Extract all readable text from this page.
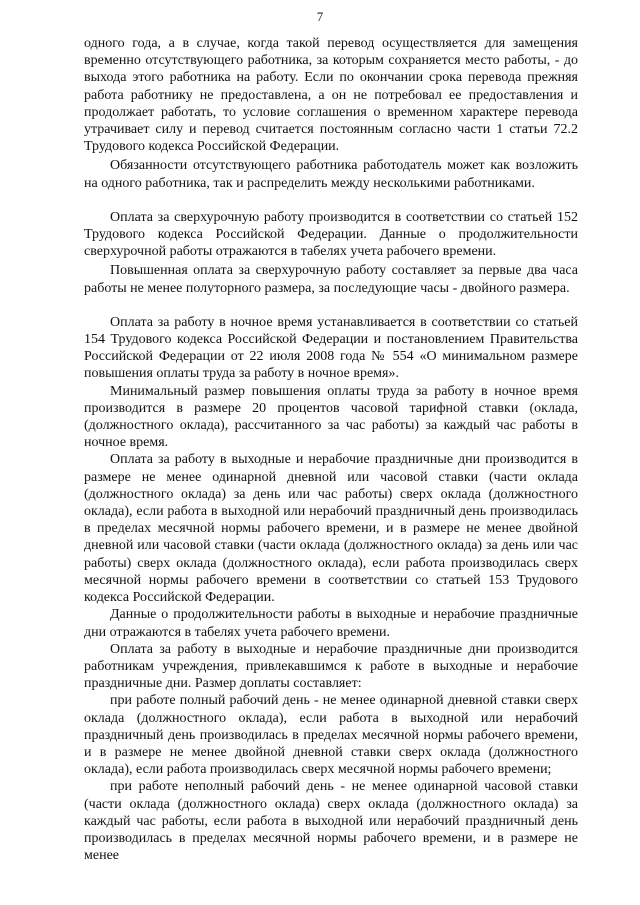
7

одного года, а в случае, когда такой перевод осуществляется для замещения временно отсутствующего работника, за которым сохраняется место работы, - до выхода этого работника на работу. Если по окончании срока перевода прежняя работа работнику не предоставлена, а он не потребовал ее предоставления и продолжает работать, то условие соглашения о временном характере перевода утрачивает силу и перевод считается постоянным согласно части 1 статьи 72.2 Трудового кодекса Российской Федерации.

Обязанности отсутствующего работника работодатель может как возложить на одного работника, так и распределить между несколькими работниками.

Оплата за сверхурочную работу производится в соответствии со статьей 152 Трудового кодекса Российской Федерации. Данные о продолжительности сверхурочной работы отражаются в табелях учета рабочего времени.

Повышенная оплата за сверхурочную работу составляет за первые два часа работы не менее полуторного размера, за последующие часы - двойного размера.

Оплата за работу в ночное время устанавливается в соответствии со статьей 154 Трудового кодекса Российской Федерации и постановлением Правительства Российской Федерации от 22 июля 2008 года № 554 «О минимальном размере повышения оплаты труда за работу в ночное время».

Минимальный размер повышения оплаты труда за работу в ночное время производится в размере 20 процентов часовой тарифной ставки (оклада, (должностного оклада), рассчитанного за час работы) за каждый час работы в ночное время.

Оплата за работу в выходные и нерабочие праздничные дни производится в размере не менее одинарной дневной или часовой ставки (части оклада (должностного оклада) за день или час работы) сверх оклада (должностного оклада), если работа в выходной или нерабочий праздничный день производилась в пределах месячной нормы рабочего времени, и в размере не менее двойной дневной или часовой ставки (части оклада (должностного оклада) за день или час работы) сверх оклада (должностного оклада), если работа производилась сверх месячной нормы рабочего времени в соответствии со статьей 153 Трудового кодекса Российской Федерации.

Данные о продолжительности работы в выходные и нерабочие праздничные дни отражаются в табелях учета рабочего времени.

Оплата за работу в выходные и нерабочие праздничные дни производится работникам учреждения, привлекавшимся к работе в выходные и нерабочие праздничные дни. Размер доплаты составляет:

при работе полный рабочий день - не менее одинарной дневной ставки сверх оклада (должностного оклада), если работа в выходной или нерабочий праздничный день производилась в пределах месячной нормы рабочего времени, и в размере не менее двойной дневной ставки сверх оклада (должностного оклада), если работа производилась сверх месячной нормы рабочего времени;

при работе неполный рабочий день - не менее одинарной часовой ставки (части оклада (должностного оклада) сверх оклада (должностного оклада) за каждый час работы, если работа в выходной или нерабочий праздничный день производилась в пределах месячной нормы рабочего времени, и в размере не менее
